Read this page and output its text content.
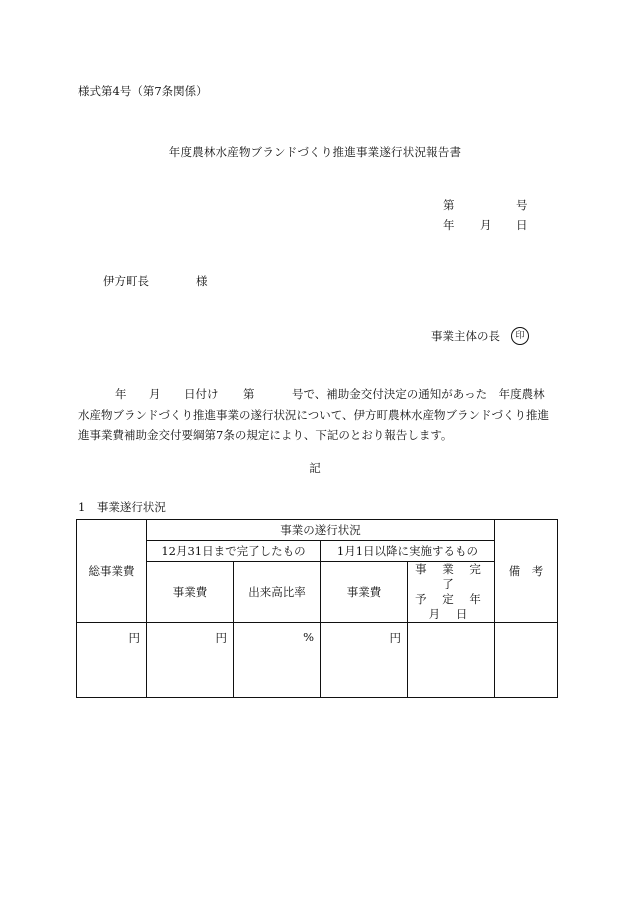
様式第4号（第7条関係）
年度農林水産物ブランドづくり推進事業遂行状況報告書
第	号
年 月 日
伊方町長	様
事業主体の長	印
年 月 日付け 第	号で、補助金交付決定の通知があった　年度農林
水産物ブランドづくり推進事業の遂行状況について、伊方町農林水産物ブランドづくり推進
進事業費補助金交付要綱第7条の規定により、下記のとおり報告します。
記
1　事業遂行状況
総事業費	事業の遂行状況				備　考
	12月31日まで完了したもの		1月1日以降に実施するもの		
	事業費	出来高比率	事業費	事 業 完 了
予 定 年 月 日	

円	円	%	円		
